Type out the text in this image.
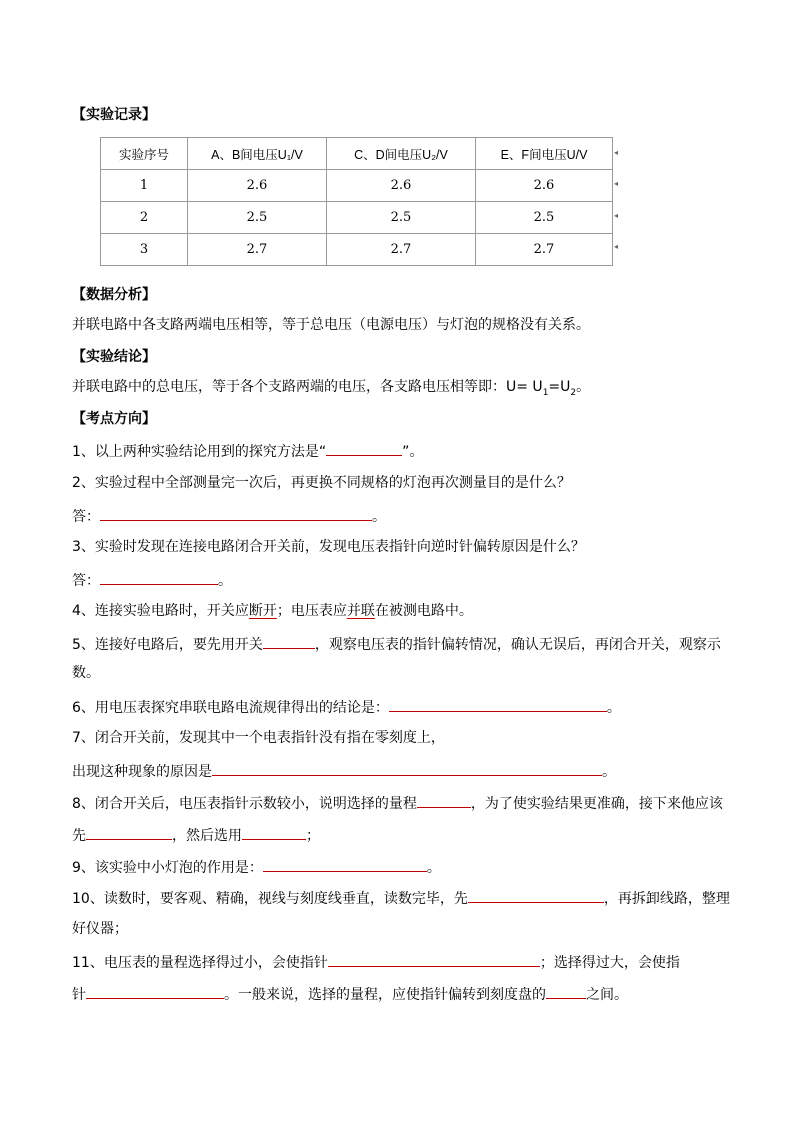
【实验记录】
实验序号	A、B间电压U₁/V	C、D间电压U₂/V	E、F间电压U/V
1	2.6	2.6	2.6
2	2.5	2.5	2.5
3	2.7	2.7	2.7
◂
◂
◂
◂
【数据分析】
并联电路中各支路两端电压相等，等于总电压（电源电压）与灯泡的规格没有关系。
【实验结论】
并联电路中的总电压，等于各个支路两端的电压，各支路电压相等即：$U= U_1=U_2$。
【考点方向】
1、以上两种实验结论用到的探究方法是“	”。
2、实验过程中全部测量完一次后，再更换不同规格的灯泡再次测量目的是什么？
答：	。
3、实验时发现在连接电路闭合开关前，发现电压表指针向逆时针偏转原因是什么？
答：	。
4、连接实验电路时，开关应断开；电压表应并联在被测电路中。
5、连接好电路后，要先用开关	，观察电压表的指针偏转情况，确认无误后，再闭合开关，观察示
数。
6、用电压表探究串联电路电流规律得出的结论是：	。
7、闭合开关前，发现其中一个电表指针没有指在零刻度上，
出现这种现象的原因是	。
8、闭合开关后，电压表指针示数较小，说明选择的量程	，为了使实验结果更准确，接下来他应该
先	，然后选用	；
9、该实验中小灯泡的作用是：	。
10、读数时，要客观、精确，视线与刻度线垂直，读数完毕，先	，再拆卸线路，整理
好仪器；
11、电压表的量程选择得过小，会使指针	；选择得过大，会使指
针	。一般来说，选择的量程，应使指针偏转到刻度盘的	之间。
